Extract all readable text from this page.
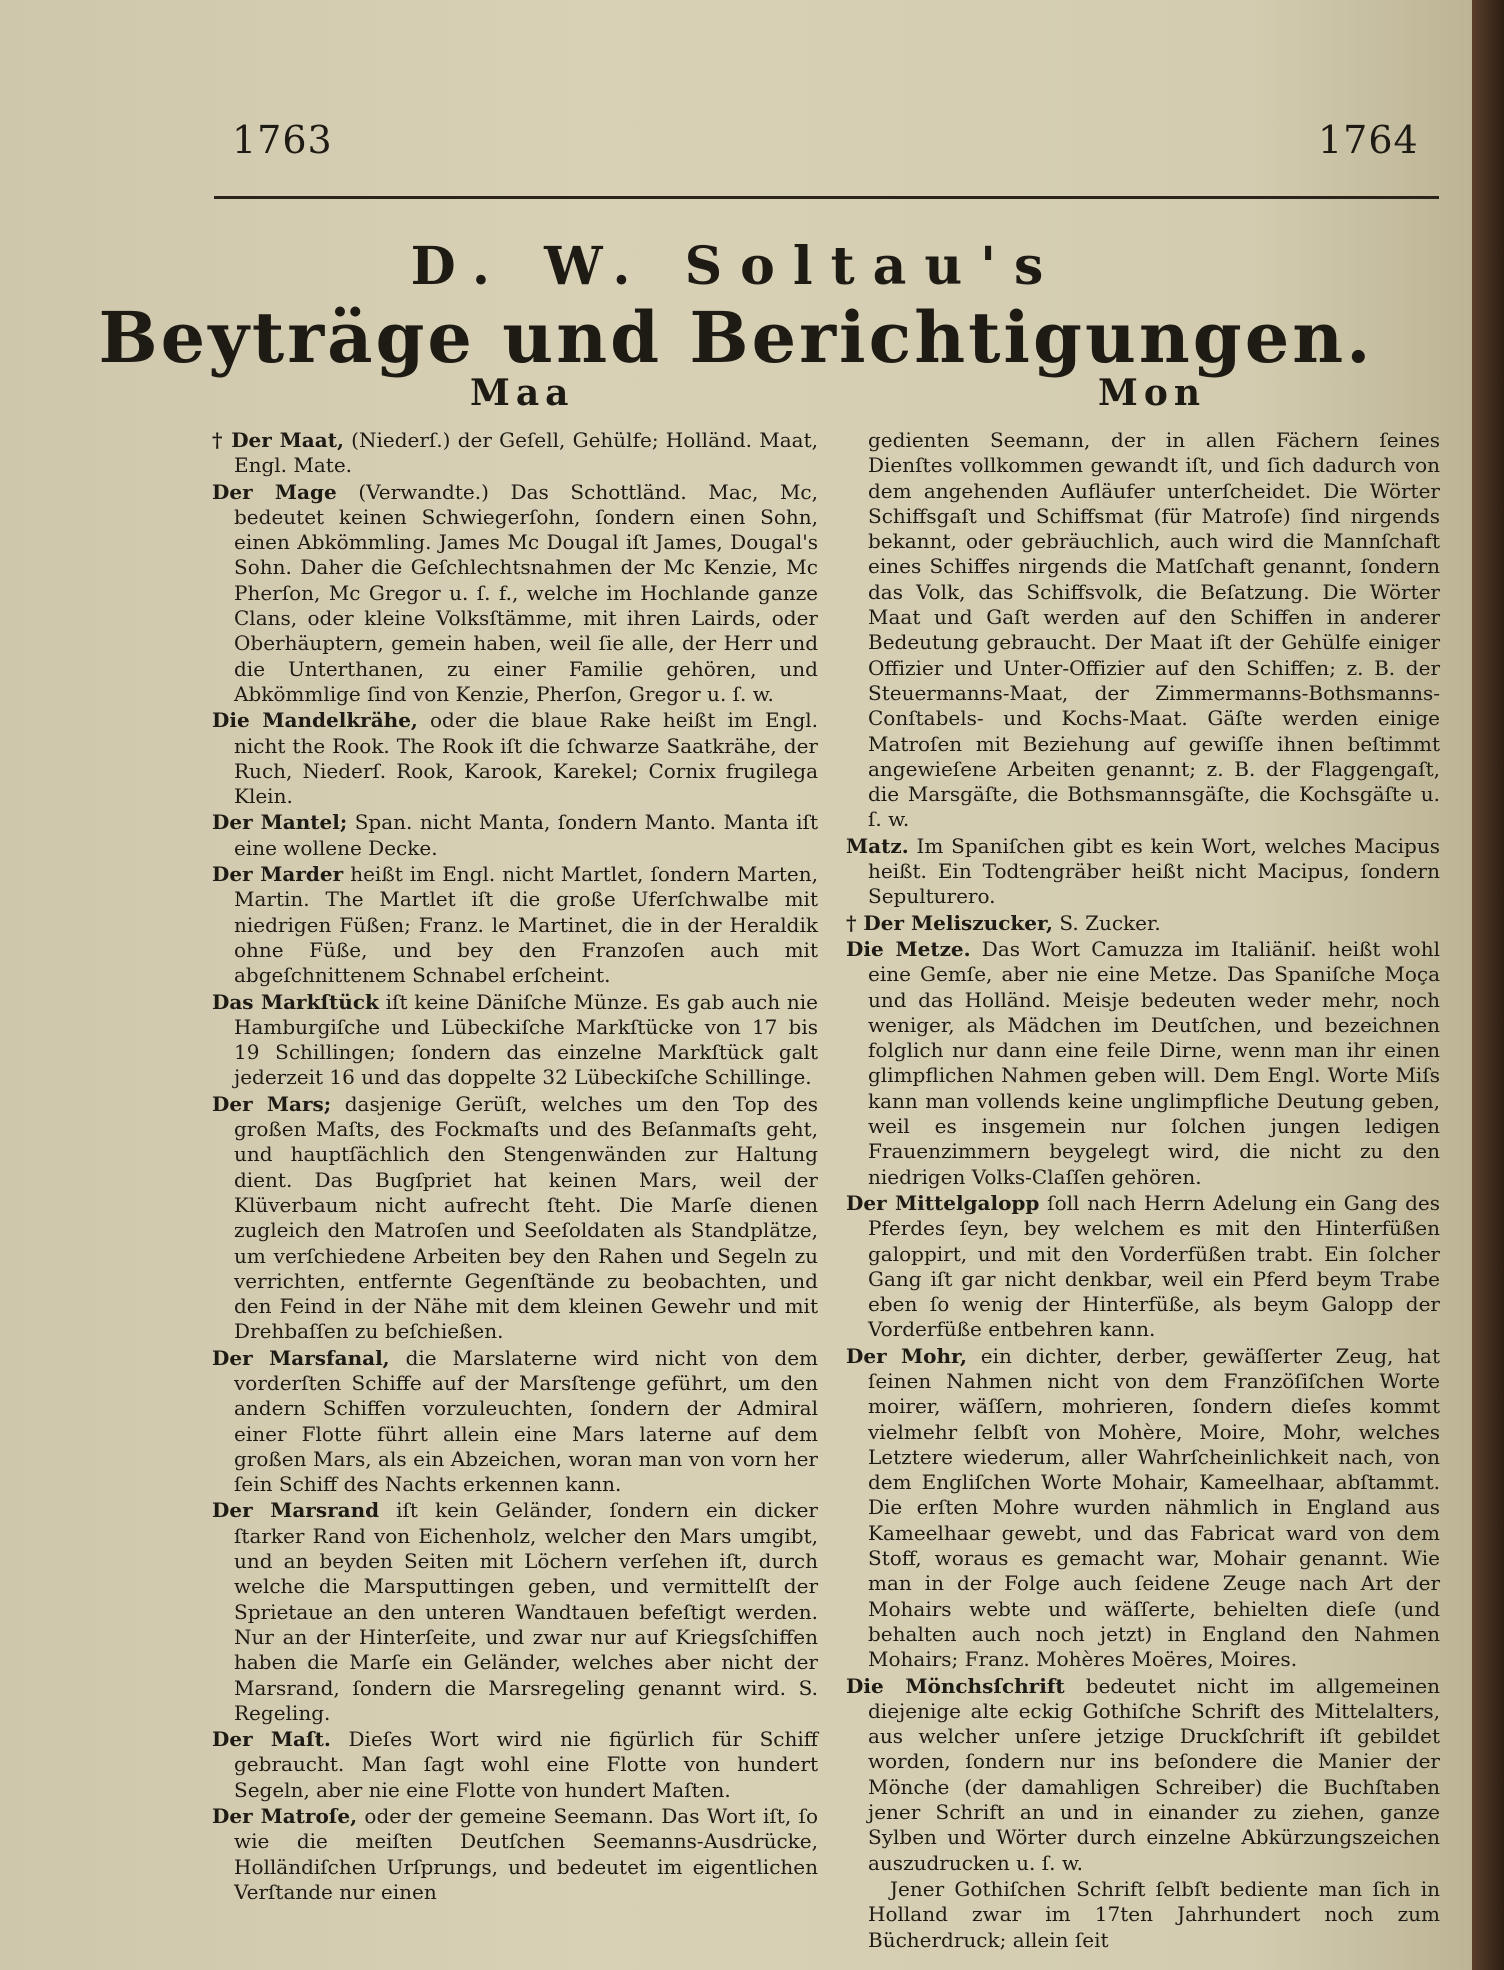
1763	1764
D. W. Soltau's
Beyträge und Berichtigungen.
Maa	Mon

† Der Maat, (Niederſ.) der Geſell, Gehülfe; Holländ. Maat, Engl. Mate.

Der Mage (Verwandte.) Das Schottländ. Mac, Mc, bedeutet keinen Schwiegerſohn, ſondern einen Sohn, einen Abkömmling. James Mc Dougal iſt James, Dougal's Sohn. Daher die Geſchlechtsnahmen der Mc Kenzie, Mc Pherſon, Mc Gregor u. ſ. f., welche im Hochlande ganze Clans, oder kleine Volksſtämme, mit ihren Lairds, oder Oberhäuptern, gemein haben, weil ſie alle, der Herr und die Unterthanen, zu einer Familie gehören, und Abkömmlige ſind von Kenzie, Pherſon, Gregor u. ſ. w.

Die Mandelkrähe, oder die blaue Rake heißt im Engl. nicht the Rook. The Rook iſt die ſchwarze Saatkrähe, der Ruch, Niederſ. Rook, Karook, Karekel; Cornix frugilega Klein.

Der Mantel; Span. nicht Manta, ſondern Manto. Manta iſt eine wollene Decke.

Der Marder heißt im Engl. nicht Martlet, ſondern Marten, Martin. The Martlet iſt die große Uferſchwalbe mit niedrigen Füßen; Franz. le Martinet, die in der Heraldik ohne Füße, und bey den Franzoſen auch mit abgeſchnittenem Schnabel erſcheint.

Das Markſtück iſt keine Däniſche Münze. Es gab auch nie Hamburgiſche und Lübeckiſche Markſtücke von 17 bis 19 Schillingen; ſondern das einzelne Markſtück galt jederzeit 16 und das doppelte 32 Lübeckiſche Schillinge.

Der Mars; dasjenige Gerüſt, welches um den Top des großen Maſts, des Fockmaſts und des Beſanmaſts geht, und hauptſächlich den Stengenwänden zur Haltung dient. Das Bugſpriet hat keinen Mars, weil der Klüverbaum nicht aufrecht ſteht. Die Marſe dienen zugleich den Matroſen und Seeſoldaten als Standplätze, um verſchiedene Arbeiten bey den Rahen und Segeln zu verrichten, entfernte Gegenſtände zu beobachten, und den Feind in der Nähe mit dem kleinen Gewehr und mit Drehbaſſen zu beſchießen.

Der Marsfanal, die Marslaterne wird nicht von dem vorderſten Schiffe auf der Marsſtenge geführt, um den andern Schiffen vorzuleuchten, ſondern der Admiral einer Flotte führt allein eine Mars laterne auf dem großen Mars, als ein Abzeichen, woran man von vorn her ſein Schiff des Nachts erkennen kann.

Der Marsrand iſt kein Geländer, ſondern ein dicker ſtarker Rand von Eichenholz, welcher den Mars umgibt, und an beyden Seiten mit Löchern verſehen iſt, durch welche die Marsputtingen geben, und vermittelſt der Sprietaue an den unteren Wandtauen befeſtigt werden. Nur an der Hinterſeite, und zwar nur auf Kriegsſchiffen haben die Marſe ein Geländer, welches aber nicht der Marsrand, ſondern die Marsregeling genannt wird. S. Regeling.

Der Maſt. Dieſes Wort wird nie figürlich für Schiff gebraucht. Man ſagt wohl eine Flotte von hundert Segeln, aber nie eine Flotte von hundert Maſten.

Der Matroſe, oder der gemeine Seemann. Das Wort iſt, ſo wie die meiſten Deutſchen Seemanns-Ausdrücke, Holländiſchen Urſprungs, und bedeutet im eigentlichen Verſtande nur einen

gedienten Seemann, der in allen Fächern ſeines Dienſtes vollkommen gewandt iſt, und ſich dadurch von dem angehenden Aufläufer unterſcheidet. Die Wörter Schiffsgaſt und Schiffsmat (für Matroſe) ſind nirgends bekannt, oder gebräuchlich, auch wird die Mannſchaft eines Schiffes nirgends die Matſchaft genannt, ſondern das Volk, das Schiffsvolk, die Beſatzung. Die Wörter Maat und Gaſt werden auf den Schiffen in anderer Bedeutung gebraucht. Der Maat iſt der Gehülfe einiger Offizier und Unter-Offizier auf den Schiffen; z. B. der Steuermanns-Maat, der Zimmermanns-Bothsmanns-Conſtabels- und Kochs-Maat. Gäſte werden einige Matroſen mit Beziehung auf gewiſſe ihnen beſtimmt angewieſene Arbeiten genannt; z. B. der Flaggengaſt, die Marsgäſte, die Bothsmannsgäſte, die Kochsgäſte u. ſ. w.

Matz. Im Spaniſchen gibt es kein Wort, welches Macipus heißt. Ein Todtengräber heißt nicht Macipus, ſondern Sepulturero.

† Der Meliszucker, S. Zucker.

Die Metze. Das Wort Camuzza im Italiäniſ. heißt wohl eine Gemſe, aber nie eine Metze. Das Spaniſche Moça und das Holländ. Meisje bedeuten weder mehr, noch weniger, als Mädchen im Deutſchen, und bezeichnen folglich nur dann eine feile Dirne, wenn man ihr einen glimpflichen Nahmen geben will. Dem Engl. Worte Miſs kann man vollends keine unglimpfliche Deutung geben, weil es insgemein nur ſolchen jungen ledigen Frauenzimmern beygelegt wird, die nicht zu den niedrigen Volks-Claſſen gehören.

Der Mittelgalopp ſoll nach Herrn Adelung ein Gang des Pferdes ſeyn, bey welchem es mit den Hinterfüßen galoppirt, und mit den Vorderfüßen trabt. Ein ſolcher Gang iſt gar nicht denkbar, weil ein Pferd beym Trabe eben ſo wenig der Hinterfüße, als beym Galopp der Vorderfüße entbehren kann.

Der Mohr, ein dichter, derber, gewäſſerter Zeug, hat ſeinen Nahmen nicht von dem Franzöſiſchen Worte moirer, wäſſern, mohrieren, ſondern dieſes kommt vielmehr ſelbſt von Mohère, Moire, Mohr, welches Letztere wiederum, aller Wahrſcheinlichkeit nach, von dem Engliſchen Worte Mohair, Kameelhaar, abſtammt. Die erſten Mohre wurden nähmlich in England aus Kameelhaar gewebt, und das Fabricat ward von dem Stoff, woraus es gemacht war, Mohair genannt. Wie man in der Folge auch ſeidene Zeuge nach Art der Mohairs webte und wäſſerte, behielten dieſe (und behalten auch noch jetzt) in England den Nahmen Mohairs; Franz. Mohères Moëres, Moires.

Die Mönchsſchrift bedeutet nicht im allgemeinen diejenige alte eckig Gothiſche Schrift des Mittelalters, aus welcher unſere jetzige Druckſchrift iſt gebildet worden, ſondern nur ins beſondere die Manier der Mönche (der damahligen Schreiber) die Buchſtaben jener Schrift an und in einander zu ziehen, ganze Sylben und Wörter durch einzelne Abkürzungszeichen auszudrucken u. ſ. w.

Jener Gothiſchen Schrift ſelbſt bediente man ſich in Holland zwar im 17ten Jahrhundert noch zum Bücherdruck; allein ſeit
